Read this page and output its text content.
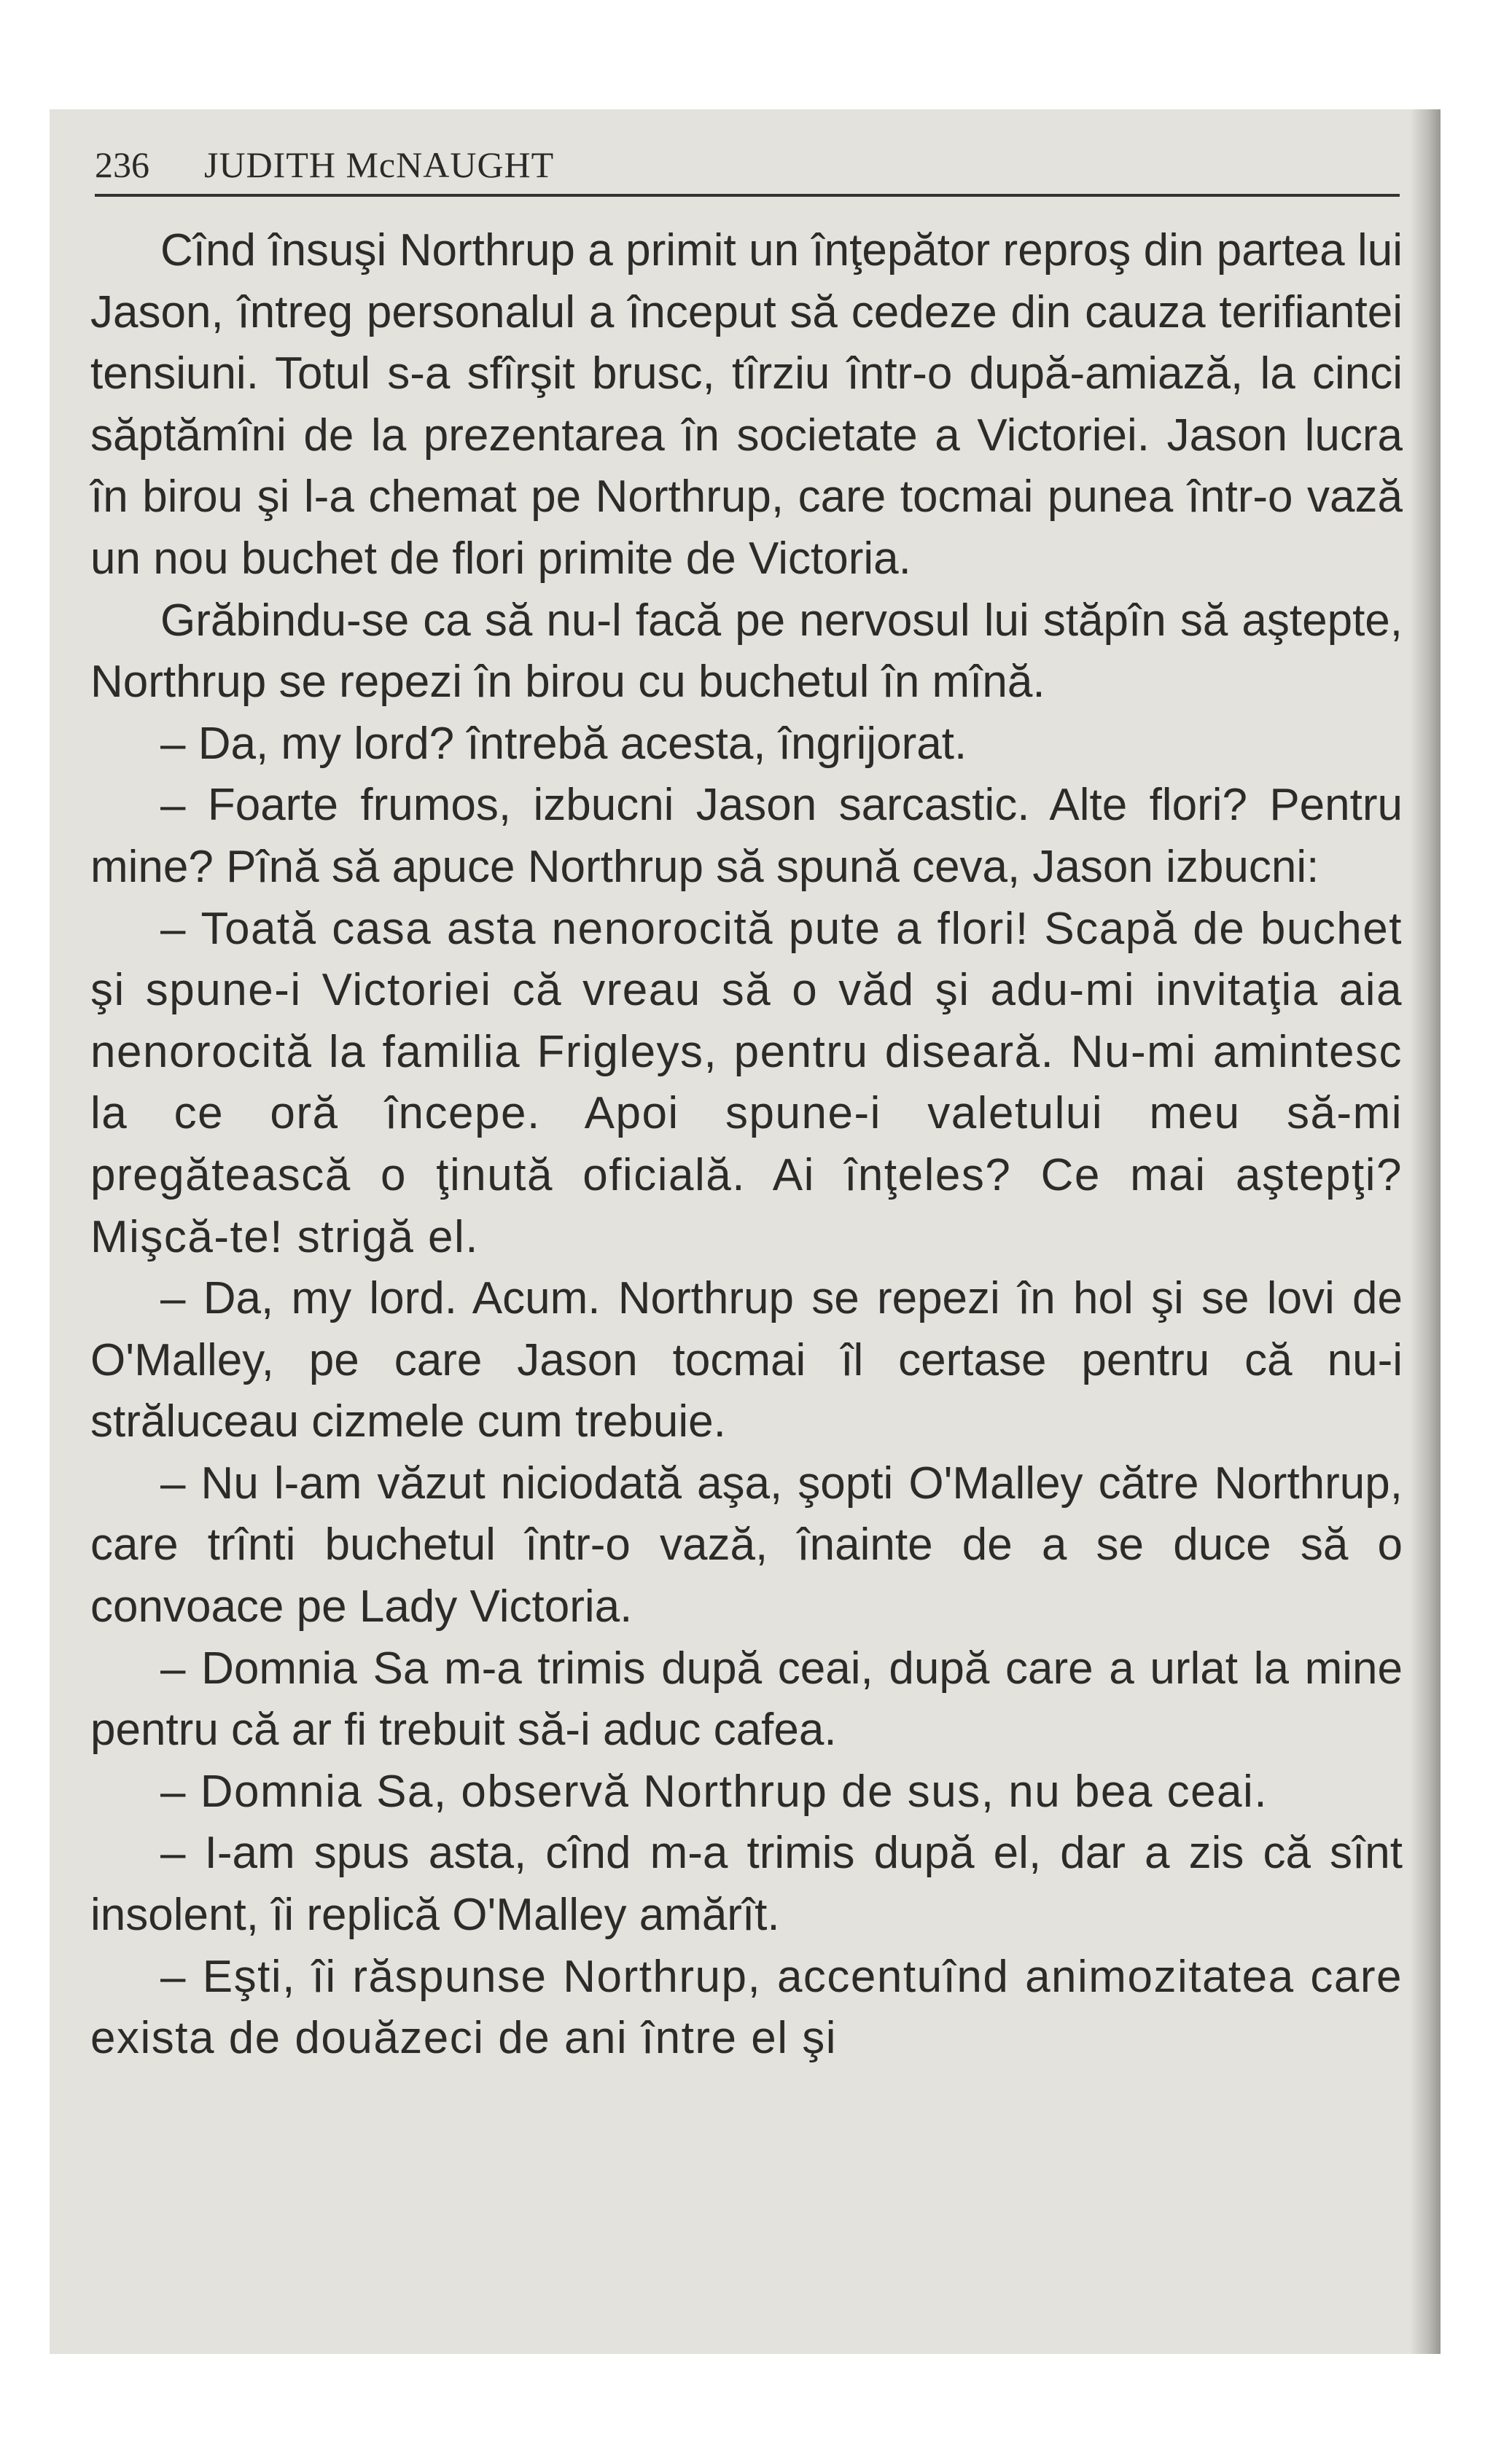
236 JUDITH McNAUGHT

Cînd însuşi Northrup a primit un înţepător reproş din partea lui Jason, întreg personalul a început să cedeze din cauza terifiantei tensiuni. Totul s-a sfîrşit brusc, tîrziu într-o după-amiază, la cinci săptămîni de la prezentarea în societate a Victoriei. Jason lucra în birou şi l-a chemat pe Northrup, care tocmai punea într-o vază un nou buchet de flori primite de Victoria.

Grăbindu-se ca să nu-l facă pe nervosul lui stăpîn să aştepte, Northrup se repezi în birou cu buchetul în mînă.

– Da, my lord? întrebă acesta, îngrijorat.

– Foarte frumos, izbucni Jason sarcastic. Alte flori? Pentru mine? Pînă să apuce Northrup să spună ceva, Jason izbucni:

– Toată casa asta nenorocită pute a flori! Scapă de buchet şi spune-i Victoriei că vreau să o văd şi adu-mi invitaţia aia nenorocită la familia Frigleys, pentru diseară. Nu-mi amintesc la ce oră începe. Apoi spune-i valetului meu să-mi pregătească o ţinută oficială. Ai înţeles? Ce mai aştepţi? Mişcă-te! strigă el.

– Da, my lord. Acum. Northrup se repezi în hol şi se lovi de O'Malley, pe care Jason tocmai îl certase pentru că nu-i străluceau cizmele cum trebuie.

– Nu l-am văzut niciodată aşa, şopti O'Malley către Northrup, care trînti buchetul într-o vază, înainte de a se duce să o convoace pe Lady Victoria.

– Domnia Sa m-a trimis după ceai, după care a urlat la mine pentru că ar fi trebuit să-i aduc cafea.

– Domnia Sa, observă Northrup de sus, nu bea ceai.

– I-am spus asta, cînd m-a trimis după el, dar a zis că sînt insolent, îi replică O'Malley amărît.

– Eşti, îi răspunse Northrup, accentuînd animozitatea care exista de douăzeci de ani între el şi
